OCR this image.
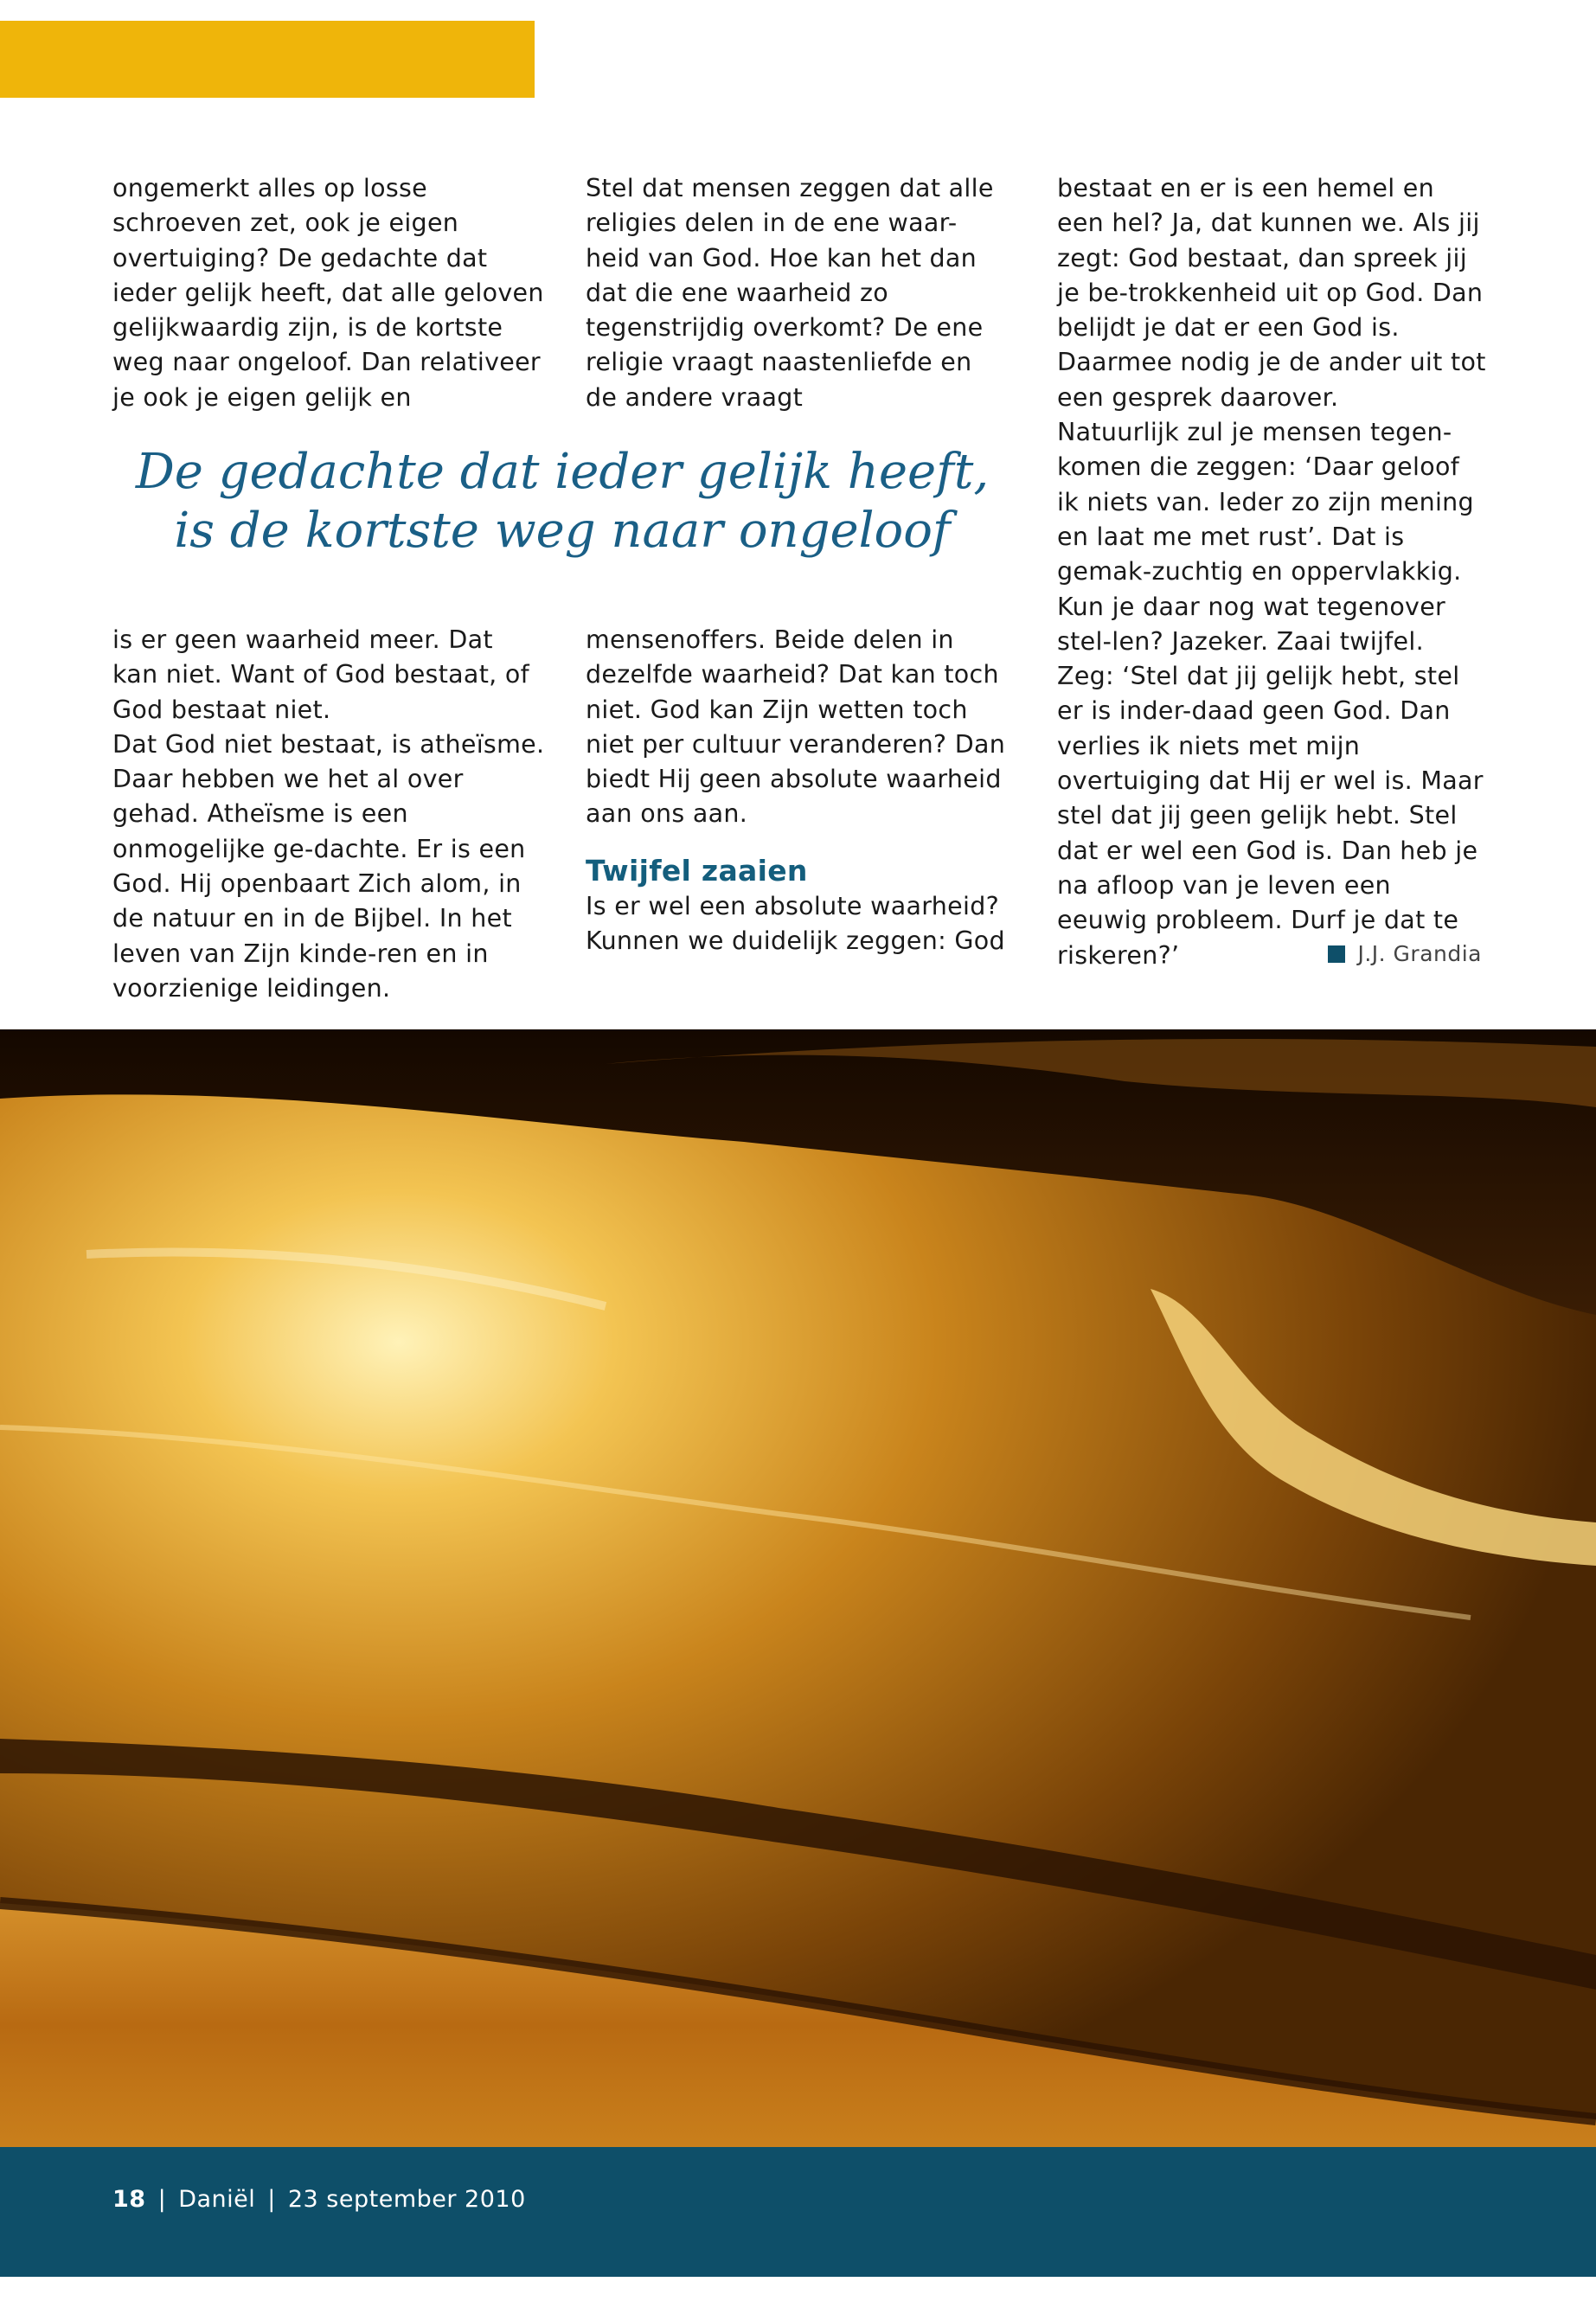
ongemerkt alles op losse schroeven zet, ook je eigen overtuiging? De gedachte dat ieder gelijk heeft, dat alle geloven gelijkwaardig zijn, is de kortste weg naar ongeloof. Dan relativeer je ook je eigen gelijk en

Stel dat mensen zeggen dat alle religies delen in de ene waar-heid van God. Hoe kan het dan dat die ene waarheid zo tegenstrijdig overkomt? De ene religie vraagt naastenliefde en de andere vraagt

De gedachte dat ieder gelijk heeft,
is de kortste weg naar ongeloof

is er geen waarheid meer. Dat kan niet. Want of God bestaat, of God bestaat niet.

Dat God niet bestaat, is atheïsme. Daar hebben we het al over gehad. Atheïsme is een onmogelijke ge-dachte. Er is een God. Hij openbaart Zich alom, in de natuur en in de Bijbel. In het leven van Zijn kinde-ren en in voorzienige leidingen.

mensenoffers. Beide delen in dezelfde waarheid? Dat kan toch niet. God kan Zijn wetten toch niet per cultuur veranderen? Dan biedt Hij geen absolute waarheid aan ons aan.

Twijfel zaaien

Is er wel een absolute waarheid? Kunnen we duidelijk zeggen: God

bestaat en er is een hemel en een hel? Ja, dat kunnen we. Als jij zegt: God bestaat, dan spreek jij je be-trokkenheid uit op God. Dan belijdt je dat er een God is. Daarmee nodig je de ander uit tot een gesprek daarover.

Natuurlijk zul je mensen tegen-komen die zeggen: ‘Daar geloof ik niets van. Ieder zo zijn mening en laat me met rust’. Dat is gemak-zuchtig en oppervlakkig.

Kun je daar nog wat tegenover stel-len? Jazeker. Zaai twijfel. Zeg: ‘Stel dat jij gelijk hebt, stel er is inder-daad geen God. Dan verlies ik niets met mijn overtuiging dat Hij er wel is. Maar stel dat jij geen gelijk hebt. Stel dat er wel een God is. Dan heb je na afloop van je leven een eeuwig probleem. Durf je dat te riskeren?’	J.J. Grandia
18 | Daniël | 23 september 2010
